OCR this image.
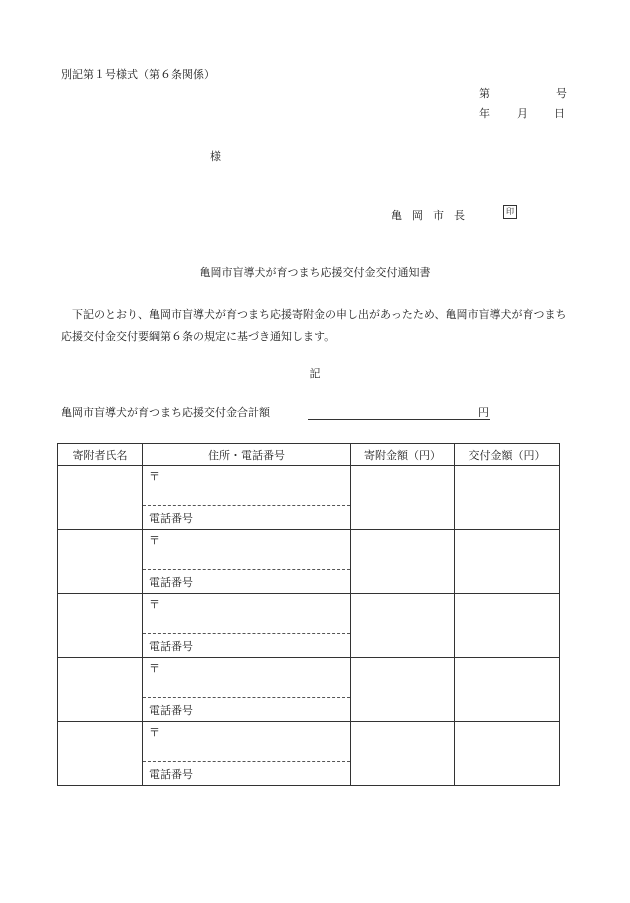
別記第１号様式（第６条関係）
第	号
年 月 日
様
亀岡市長	印
亀岡市盲導犬が育つまち応援交付金交付通知書

下記のとおり、亀岡市盲導犬が育つまち応援寄附金の申し出があったため、亀岡市盲導犬が育つまち応援交付金交付要綱第６条の規定に基づき通知します。

記
亀岡市盲導犬が育つまち応援交付金合計額	円
寄附者氏名	住所・電話番号	寄附金額（円）	交付金額（円）

	〒
電話番号		

	〒
電話番号		

	〒
電話番号		

	〒
電話番号		

	〒
電話番号		
